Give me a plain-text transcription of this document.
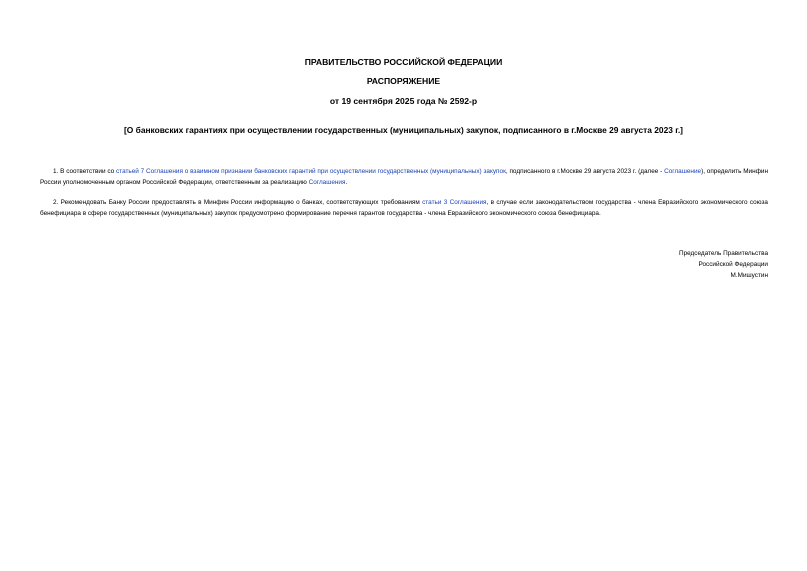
ПРАВИТЕЛЬСТВО РОССИЙСКОЙ ФЕДЕРАЦИИ
РАСПОРЯЖЕНИЕ
от 19 сентября 2025 года № 2592-р
[О банковских гарантиях при осуществлении государственных (муниципальных) закупок, подписанного в г.Москве 29 августа 2023 г.]
1. В соответствии со статьей 7 Соглашения о взаимном признании банковских гарантий при осуществлении государственных (муниципальных) закупок, подписанного в г.Москве 29 августа 2023 г. (далее - Соглашение), определить Минфин России уполномоченным органом Российской Федерации, ответственным за реализацию Соглашения.
2. Рекомендовать Банку России предоставлять в Минфин России информацию о банках, соответствующих требованиям статьи 3 Соглашения, в случае если законодательством государства - члена Евразийского экономического союза бенефициара в сфере государственных (муниципальных) закупок предусмотрено формирование перечня гарантов государства - члена Евразийского экономического союза бенефициара.
Председатель Правительства
Российской Федерации
М.Мишустин
